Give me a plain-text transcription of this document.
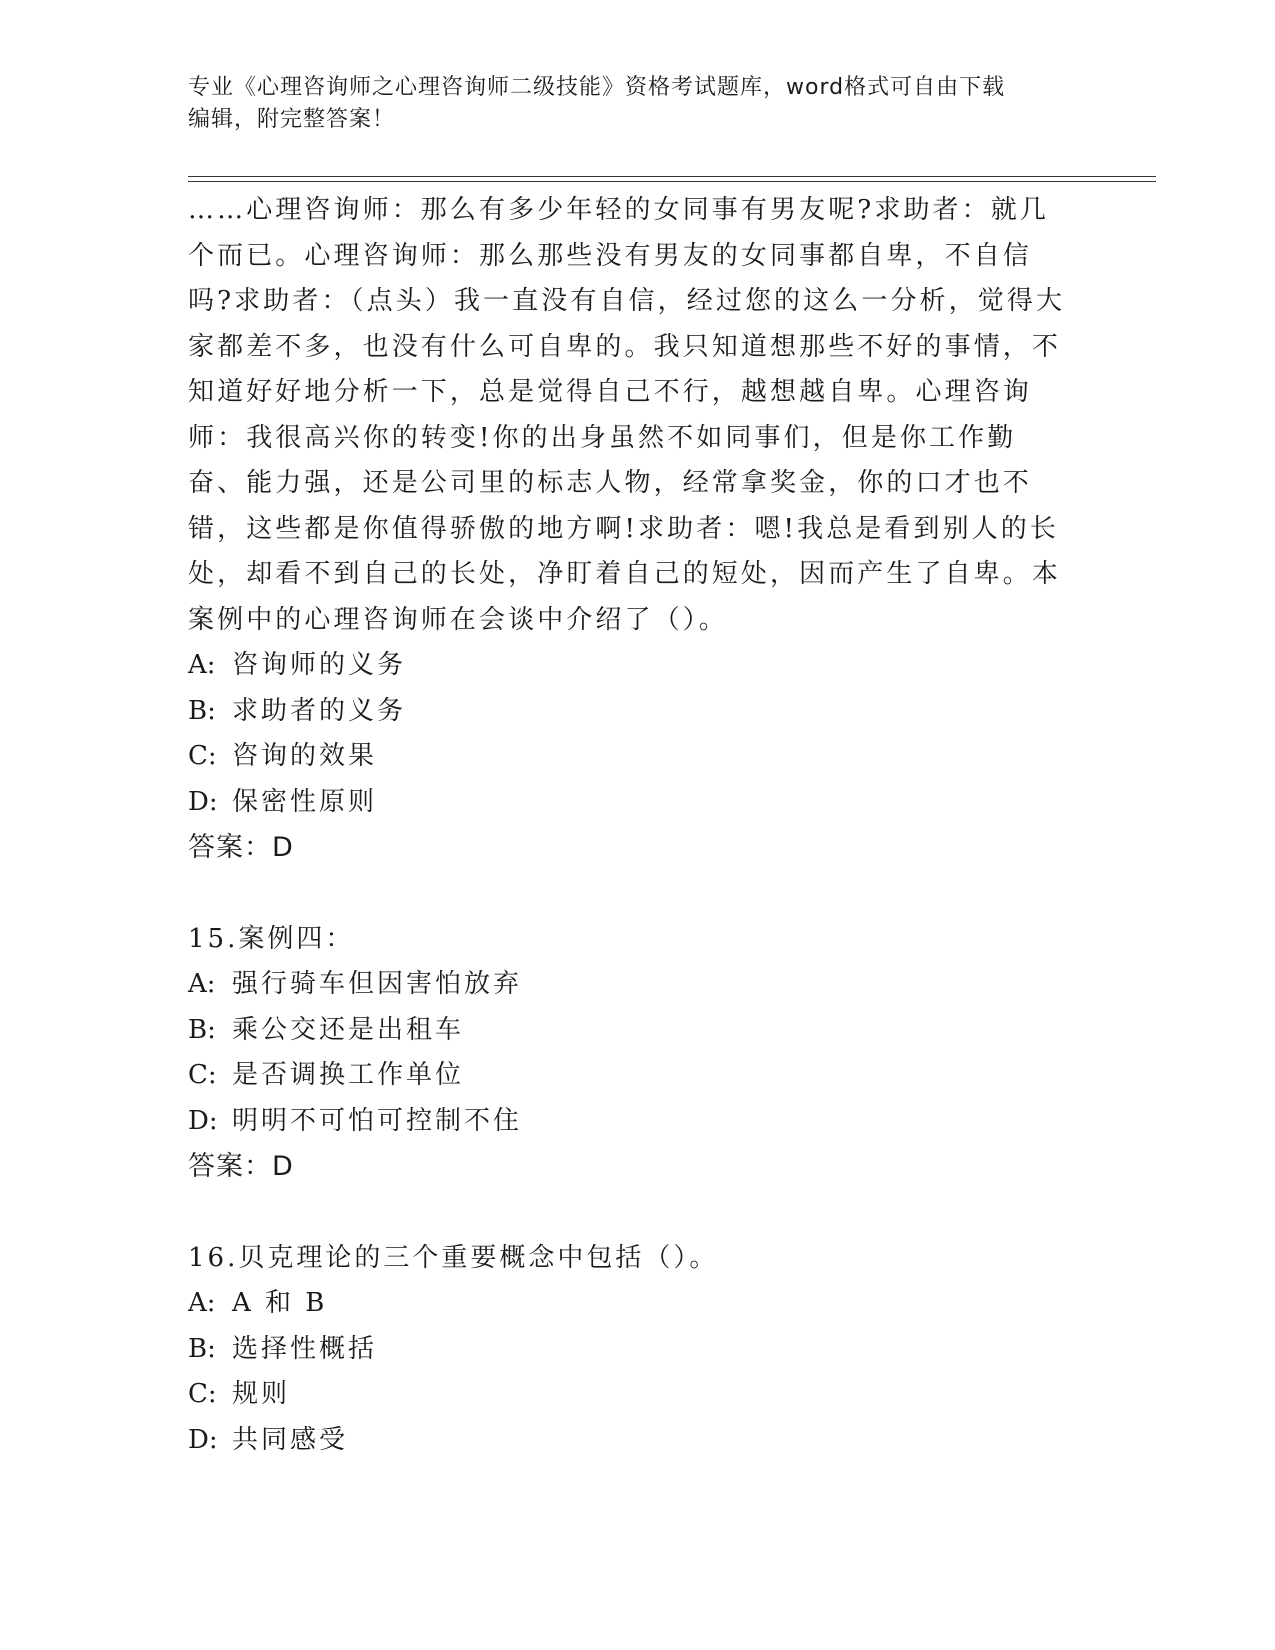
专业《心理咨询师之心理咨询师二级技能》资格考试题库，word格式可自由下载
编辑，附完整答案！

……心理咨询师：那么有多少年轻的女同事有男友呢?求助者：就几个而已。心理咨询师：那么那些没有男友的女同事都自卑，不自信吗?求助者：（点头）我一直没有自信，经过您的这么一分析，觉得大家都差不多，也没有什么可自卑的。我只知道想那些不好的事情，不知道好好地分析一下，总是觉得自己不行，越想越自卑。心理咨询师：我很高兴你的转变!你的出身虽然不如同事们，但是你工作勤奋、能力强，还是公司里的标志人物，经常拿奖金，你的口才也不错，这些都是你值得骄傲的地方啊!求助者：嗯!我总是看到别人的长处，却看不到自己的长处，净盯着自己的短处，因而产生了自卑。本案例中的心理咨询师在会谈中介绍了（）。

A: 咨询师的义务

B: 求助者的义务

C: 咨询的效果

D: 保密性原则

答案：D

15.案例四：

A: 强行骑车但因害怕放弃

B: 乘公交还是出租车

C: 是否调换工作单位

D: 明明不可怕可控制不住

答案：D

16.贝克理论的三个重要概念中包括（）。

A: A 和 B

B: 选择性概括

C: 规则

D: 共同感受
